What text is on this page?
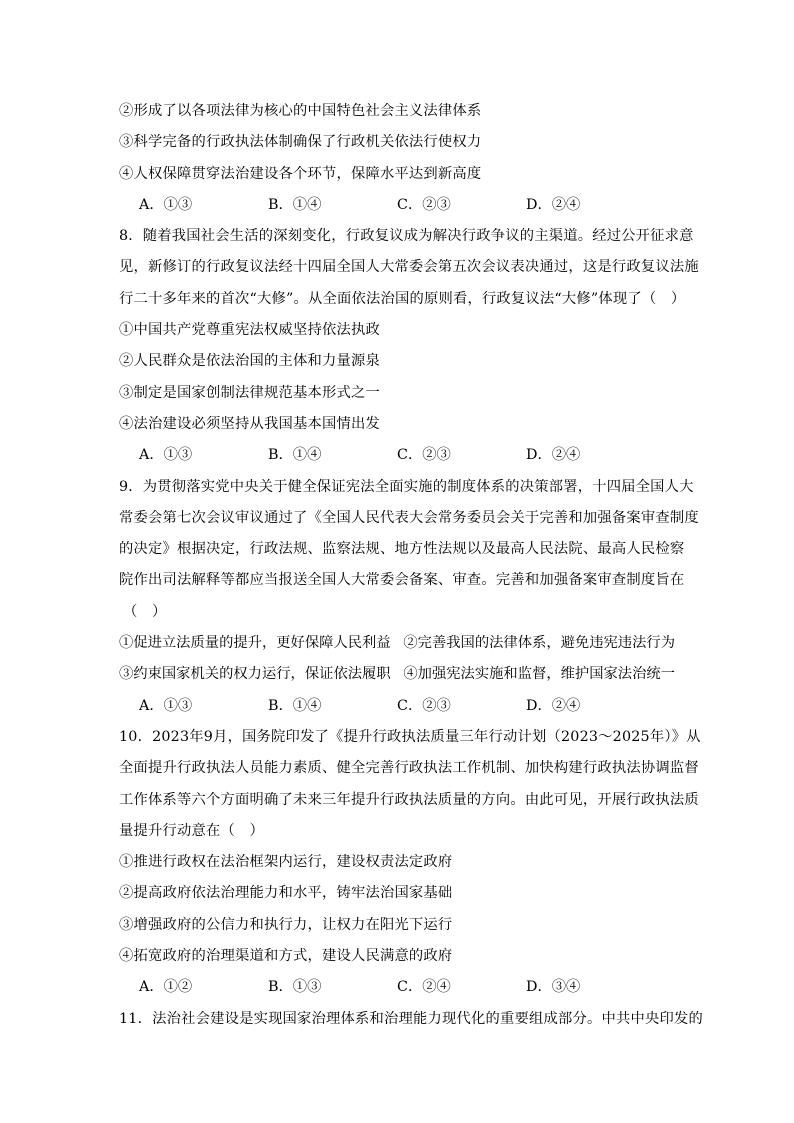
②形成了以各项法律为核心的中国特色社会主义法律体系
③科学完备的行政执法体制确保了行政机关依法行使权力
④人权保障贯穿法治建设各个环节，保障水平达到新高度
A．①③	B．①④	C．②③	D．②④
8．随着我国社会生活的深刻变化，行政复议成为解决行政争议的主渠道。经过公开征求意
见，新修订的行政复议法经十四届全国人大常委会第五次会议表决通过，这是行政复议法施
行二十多年来的首次“大修”。从全面依法治国的原则看，行政复议法“大修”体现了（　）
①中国共产党尊重宪法权威坚持依法执政
②人民群众是依法治国的主体和力量源泉
③制定是国家创制法律规范基本形式之一
④法治建设必须坚持从我国基本国情出发
A．①③	B．①④	C．②③	D．②④
9．为贯彻落实党中央关于健全保证宪法全面实施的制度体系的决策部署，十四届全国人大
常委会第七次会议审议通过了《全国人民代表大会常务委员会关于完善和加强备案审查制度
的决定》根据决定，行政法规、监察法规、地方性法规以及最高人民法院、最高人民检察
院作出司法解释等都应当报送全国人大常委会备案、审查。完善和加强备案审查制度旨在
（　）
①促进立法质量的提升，更好保障人民利益 ②完善我国的法律体系，避免违宪违法行为
③约束国家机关的权力运行，保证依法履职 ④加强宪法实施和监督，维护国家法治统一
A．①③	B．①④	C．②③	D．②④
10．2023年9月，国务院印发了《提升行政执法质量三年行动计划（2023～2025年）》从
全面提升行政执法人员能力素质、健全完善行政执法工作机制、加快构建行政执法协调监督
工作体系等六个方面明确了未来三年提升行政执法质量的方向。由此可见，开展行政执法质
量提升行动意在（　）
①推进行政权在法治框架内运行，建设权责法定政府
②提高政府依法治理能力和水平，铸牢法治国家基础
③增强政府的公信力和执行力，让权力在阳光下运行
④拓宽政府的治理渠道和方式，建设人民满意的政府
A．①②	B．①③	C．②④	D．③④
11．法治社会建设是实现国家治理体系和治理能力现代化的重要组成部分。中共中央印发的
